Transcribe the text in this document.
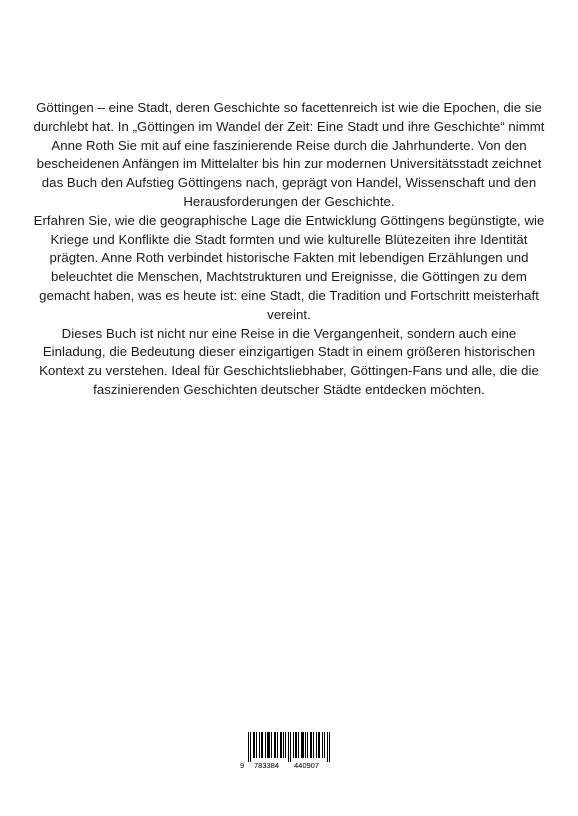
Göttingen – eine Stadt, deren Geschichte so facettenreich ist wie die Epochen, die sie durchlebt hat. In „Göttingen im Wandel der Zeit: Eine Stadt und ihre Geschichte“ nimmt Anne Roth Sie mit auf eine faszinierende Reise durch die Jahrhunderte. Von den bescheidenen Anfängen im Mittelalter bis hin zur modernen Universitätsstadt zeichnet das Buch den Aufstieg Göttingens nach, geprägt von Handel, Wissenschaft und den Herausforderungen der Geschichte.

Erfahren Sie, wie die geographische Lage die Entwicklung Göttingens begünstigte, wie Kriege und Konflikte die Stadt formten und wie kulturelle Blütezeiten ihre Identität prägten. Anne Roth verbindet historische Fakten mit lebendigen Erzählungen und beleuchtet die Menschen, Machtstrukturen und Ereignisse, die Göttingen zu dem gemacht haben, was es heute ist: eine Stadt, die Tradition und Fortschritt meisterhaft vereint.

Dieses Buch ist nicht nur eine Reise in die Vergangenheit, sondern auch eine Einladung, die Bedeutung dieser einzigartigen Stadt in einem größeren historischen Kontext zu verstehen. Ideal für Geschichtsliebhaber, Göttingen-Fans und alle, die die faszinierenden Geschichten deutscher Städte entdecken möchten.

9 783384 440907
